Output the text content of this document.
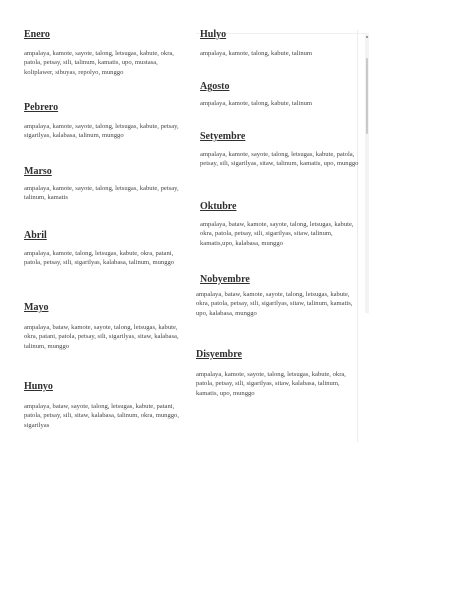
Enero
ampalaya, kamote, sayote, talong, letsugas, kabute, okra, patola, petsay, sili, talinum, kamatis, upo, mustasa, koliplawer, sibuyas, repolyo, munggo
Pebrero
ampalaya, kamote, sayote, talong, letsugas, kabute, petsay, sigarilyas, kalabasa, talinum, munggo
Marso
ampalaya, kamote, sayote, talong, letsugas, kabute, petsay, talinum, kamatis
Abril
ampalaya, kamote, talong, letsugas, kabute, okra, patani, patola, petsay, sili, sigarilyas, kalabasa, talinum, munggo
Mayo
ampalaya, bataw, kamote, sayote, talong, letsugas, kabute, okra, patani, patola, petsay, sili, sigarilyas, sitaw, kalabasa, talinum, munggo
Hunyo
ampalaya, bataw, sayote, talong, letsugas, kabute, patani, patola, petsay, sili, sitaw, kalabasa, talinum, okra, munggo, sigarilyas
Hulyo
ampalaya, kamote, talong, kabute, talinum
Agosto
ampalaya, kamote, talong, kabute, talinum
Setyembre
ampalaya, kamote, sayote, talong, letsugas, kabute, patola, petsay, sili, sigarilyas, sitaw, talinum, kamatis, upo, munggo
Oktubre
ampalaya, bataw, kamote, sayote, talong, letsugas, kabute, okra, patola, petsay, sili, sigarilyas, sitaw, talinum, kamatis,upo, kalabasa, munggo
Nobyembre
ampalaya, bataw, kamote, sayote, talong, letsugas, kabute, okra, patola, petsay, sili, sigarilyas, sitaw, talinum, kamatis, upo, kalabasa, munggo
Disyembre
ampalaya, kamote, sayote, talong, letsugas, kabute, okra, patola, petsay, sili, sigarilyas, sitaw, kalabasa, talinum, kamatis, upo, munggo
